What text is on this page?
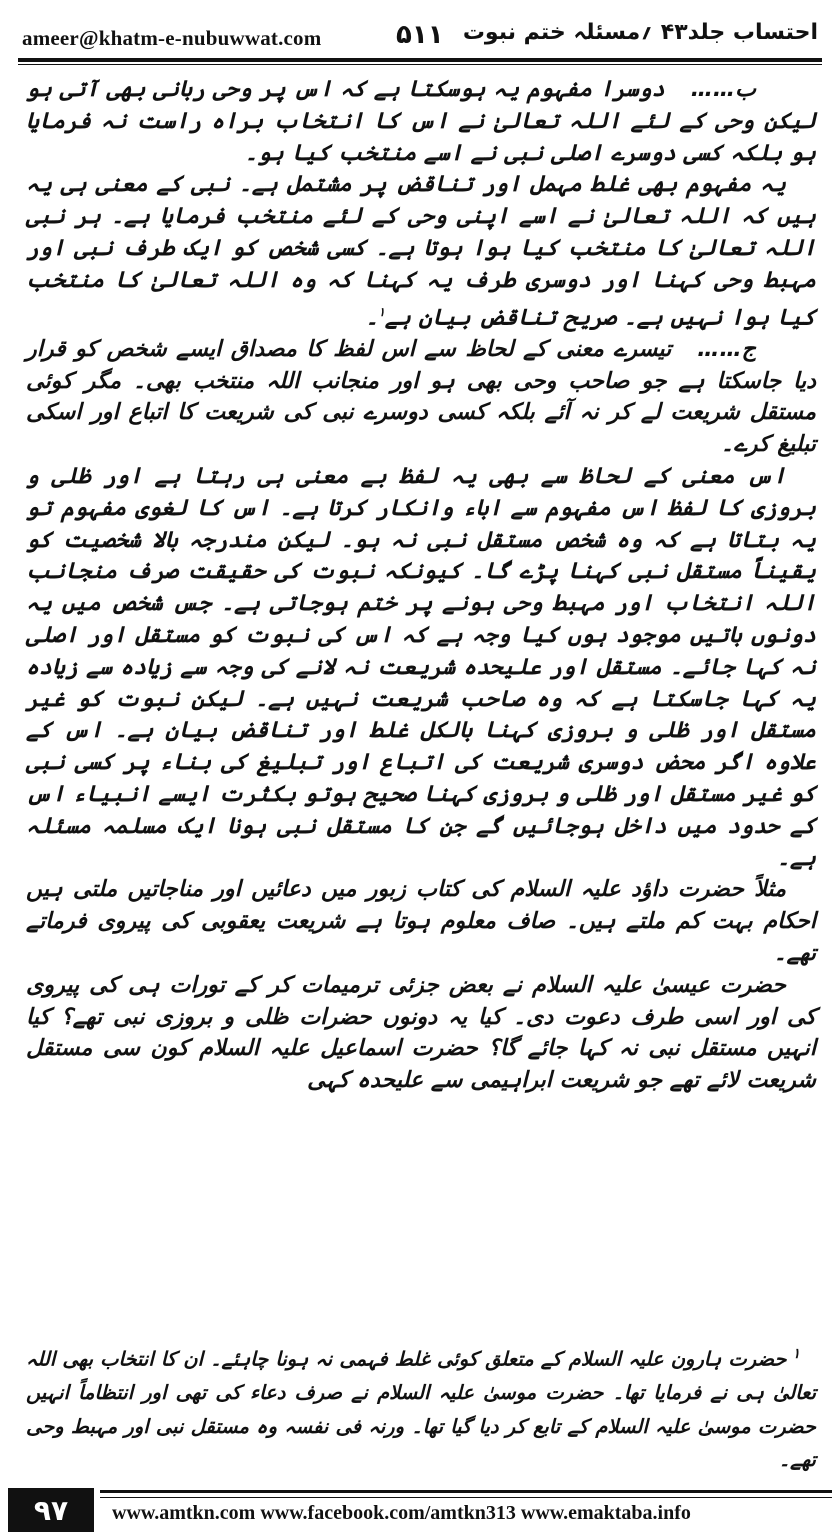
ameer@khatm-e-nubuwwat.com	۵۱۱ احتساب جلد۴۳ ؍مسئلہ ختم نبوت

ب……دوسرا مفہوم یہ ہوسکتا ہے کہ اس پر وحی ربانی بھی آتی ہو لیکن وحی کے لئے اللہ تعالیٰ نے اس کا انتخاب براہ راست نہ فرمایا ہو بلکہ کسی دوسرے اصلی نبی نے اسے منتخب کیا ہو۔

یہ مفہوم بھی غلط مہمل اور تناقض پر مشتمل ہے۔ نبی کے معنی ہی یہ ہیں کہ اللہ تعالیٰ نے اسے اپنی وحی کے لئے منتخب فرمایا ہے۔ ہر نبی اللہ تعالیٰ کا منتخب کیا ہوا ہوتا ہے۔ کسی شخص کو ایک طرف نبی اور مہبط وحی کہنا اور دوسری طرف یہ کہنا کہ وہ اللہ تعالیٰ کا منتخب کیا ہوا نہیں ہے۔ صریح تناقض بیان ہے$^۱$۔

ج……تیسرے معنی کے لحاظ سے اس لفظ کا مصداق ایسے شخص کو قرار دیا جاسکتا ہے جو صاحب وحی بھی ہو اور منجانب اللہ منتخب بھی۔ مگر کوئی مستقل شریعت لے کر نہ آئے بلکہ کسی دوسرے نبی کی شریعت کا اتباع اور اسکی تبلیغ کرے۔

اس معنی کے لحاظ سے بھی یہ لفظ بے معنی ہی رہتا ہے اور ظلی و بروزی کا لفظ اس مفہوم سے اباء وانکار کرتا ہے۔ اس کا لغوی مفہوم تو یہ بتاتا ہے کہ وہ شخص مستقل نبی نہ ہو۔ لیکن مندرجہ بالا شخصیت کو یقیناً مستقل نبی کہنا پڑے گا۔ کیونکہ نبوت کی حقیقت صرف منجانب اللہ انتخاب اور مہبط وحی ہونے پر ختم ہوجاتی ہے۔ جس شخص میں یہ دونوں باتیں موجود ہوں کیا وجہ ہے کہ اس کی نبوت کو مستقل اور اصلی نہ کہا جائے۔ مستقل اور علیحدہ شریعت نہ لانے کی وجہ سے زیادہ سے زیادہ یہ کہا جاسکتا ہے کہ وہ صاحب شریعت نہیں ہے۔ لیکن نبوت کو غیر مستقل اور ظلی و بروزی کہنا بالکل غلط اور تناقض بیان ہے۔ اس کے علاوہ اگر محض دوسری شریعت کی اتباع اور تبلیغ کی بناء پر کسی نبی کو غیر مستقل اور ظلی و بروزی کہنا صحیح ہوتو بکثرت ایسے انبیاء اس کے حدود میں داخل ہوجائیں گے جن کا مستقل نبی ہونا ایک مسلمہ مسئلہ ہے۔

مثلاً حضرت داؤد علیہ السلام کی کتاب زبور میں دعائیں اور مناجاتیں ملتی ہیں احکام بہت کم ملتے ہیں۔ صاف معلوم ہوتا ہے شریعت یعقوبی کی پیروی فرماتے تھے۔

حضرت عیسیٰ علیہ السلام نے بعض جزئی ترمیمات کر کے تورات ہی کی پیروی کی اور اسی طرف دعوت دی۔ کیا یہ دونوں حضرات ظلی و بروزی نبی تھے؟ کیا انہیں مستقل نبی نہ کہا جائے گا؟ حضرت اسماعیل علیہ السلام کون سی مستقل شریعت لائے تھے جو شریعت ابراہیمی سے علیحدہ کہی

$^۱$حضرت ہارون علیہ السلام کے متعلق کوئی غلط فہمی نہ ہونا چاہئے۔ ان کا انتخاب بھی اللہ تعالیٰ ہی نے فرمایا تھا۔ حضرت موسیٰ علیہ السلام نے صرف دعاء کی تھی اور انتظاماً انہیں حضرت موسیٰ علیہ السلام کے تابع کر دیا گیا تھا۔ ورنہ فی نفسہ وہ مستقل نبی اور مہبط وحی تھے۔

۹۷	www.amtkn.com www.facebook.com/amtkn313 www.emaktaba.info
